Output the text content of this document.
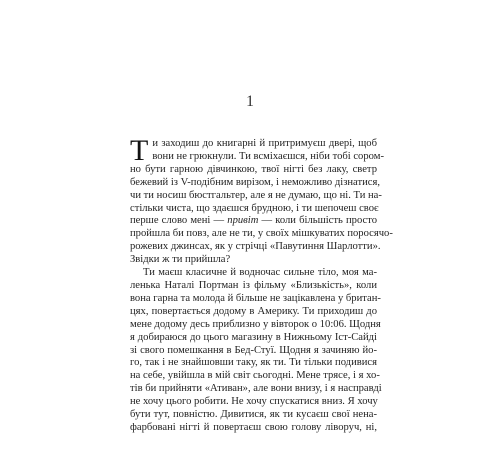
1
Т и заходиш до книгарні й притримуєш двері, щоб
вони не грюкнули. Ти всміхаєшся, ніби тобі сором-
но бути гарною дівчинкою, твої нігті без лаку, светр
бежевий із V-подібним вирізом, і неможливо дізнатися,
чи ти носиш бюстгальтер, але я не думаю, що ні. Ти на-
стільки чиста, що здаєшся брудною, і ти шепочеш своє
перше слово мені — привіт — коли більшість просто
пройшла би повз, але не ти, у своїх мішкуватих поросячо-
рожевих джинсах, як у стрічці «Павутиння Шарлотти».
Звідки ж ти прийшла?
Ти маєш класичне й водночас сильне тіло, моя ма-
ленька Наталі Портман із фільму «Близькість», коли
вона гарна та молода й більше не зацікавлена у британ-
цях, повертається додому в Америку. Ти приходиш до
мене додому десь приблизно у вівторок о 10:06. Щодня
я добираюся до цього магазину в Нижньому Іст-Сайді
зі свого помешкання в Бед-Стуї. Щодня я зачиняю йо-
го, так і не знайшовши таку, як ти. Ти тільки подивися
на себе, увійшла в мій світ сьогодні. Мене трясе, і я хо-
тів би прийняти «Ативан», але вони внизу, і я насправді
не хочу цього робити. Не хочу спускатися вниз. Я хочу
бути тут, повністю. Дивитися, як ти кусаєш свої нена-
фарбовані нігті й повертаєш свою голову ліворуч, ні,
